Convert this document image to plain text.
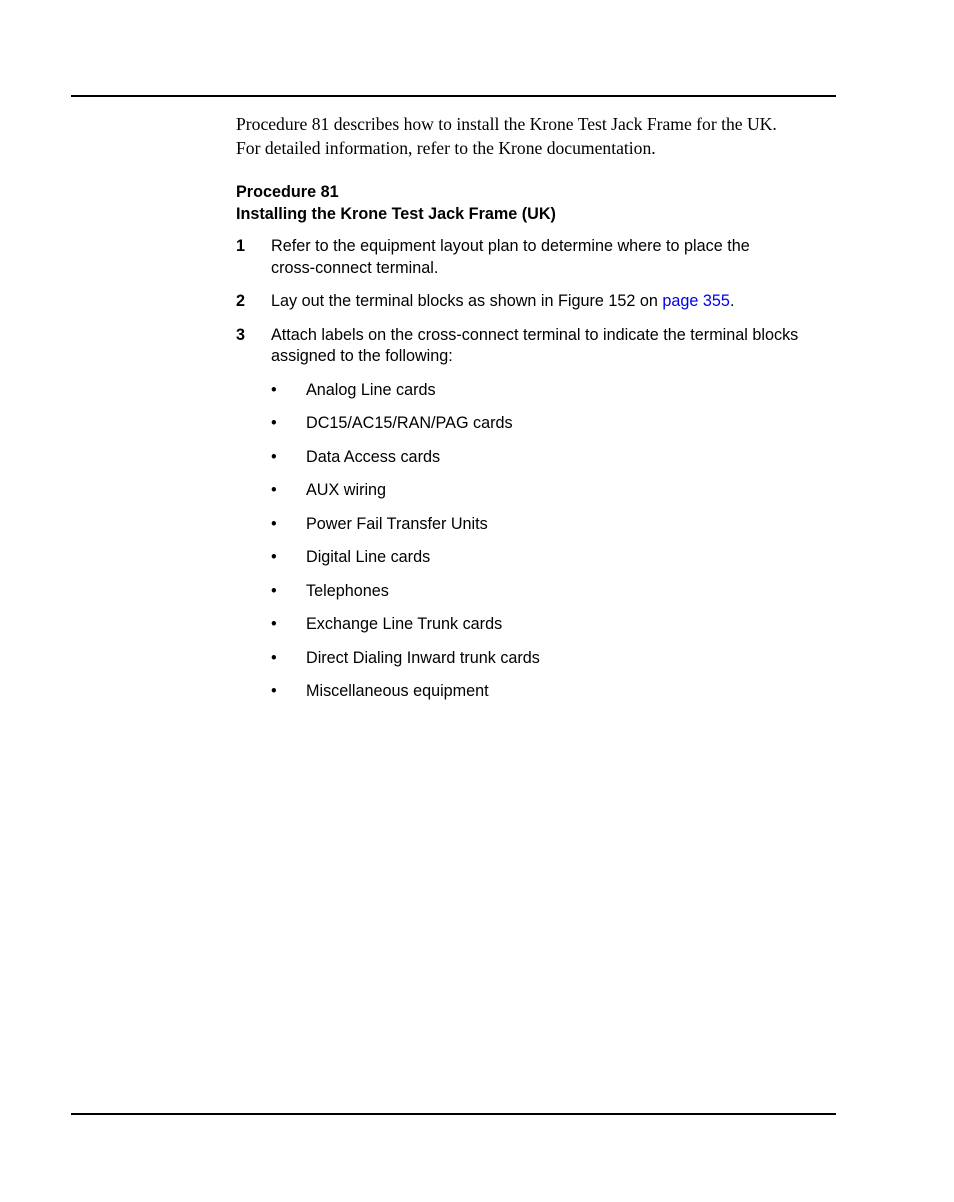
Procedure 81 describes how to install the Krone Test Jack Frame for the UK.
For detailed information, refer to the Krone documentation.

Procedure 81
Installing the Krone Test Jack Frame (UK)
1 Refer to the equipment layout plan to determine where to place the
cross-connect terminal.
2 Lay out the terminal blocks as shown in Figure 152 on page 355.
3 Attach labels on the cross-connect terminal to indicate the terminal blocks
assigned to the following:
• Analog Line cards
• DC15/AC15/RAN/PAG cards
• Data Access cards
• AUX wiring
• Power Fail Transfer Units
• Digital Line cards
• Telephones
• Exchange Line Trunk cards
• Direct Dialing Inward trunk cards
• Miscellaneous equipment
